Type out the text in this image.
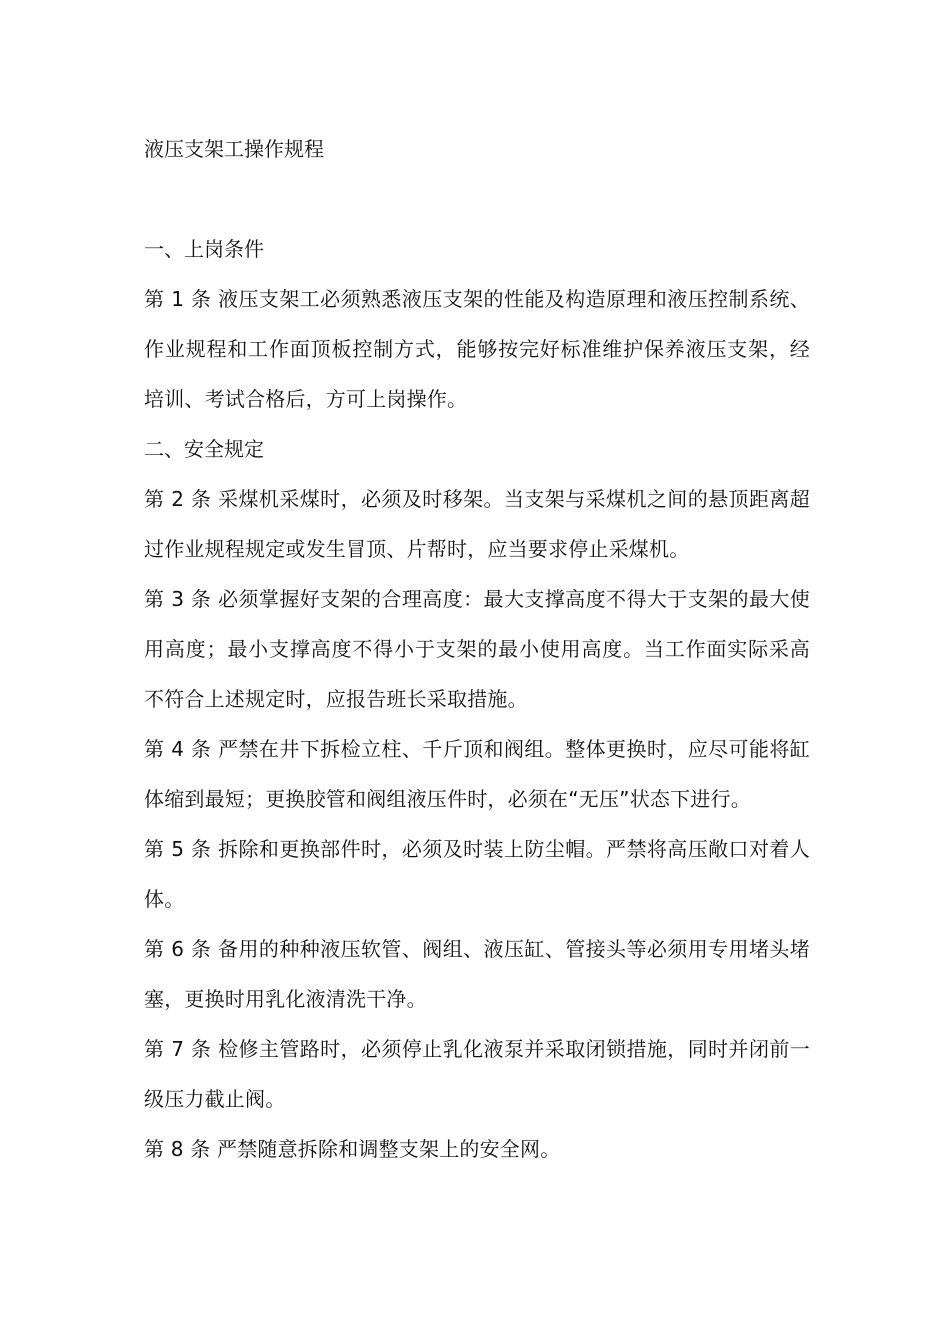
液压支架工操作规程

一、上岗条件

第 1 条 液压支架工必须熟悉液压支架的性能及构造原理和液压控制系统、作业规程和工作面顶板控制方式，能够按完好标准维护保养液压支架，经培训、考试合格后，方可上岗操作。

二、安全规定

第 2 条 采煤机采煤时，必须及时移架。当支架与采煤机之间的悬顶距离超过作业规程规定或发生冒顶、片帮时，应当要求停止采煤机。

第 3 条 必须掌握好支架的合理高度：最大支撑高度不得大于支架的最大使用高度；最小支撑高度不得小于支架的最小使用高度。当工作面实际采高不符合上述规定时，应报告班长采取措施。

第 4 条 严禁在井下拆检立柱、千斤顶和阀组。整体更换时，应尽可能将缸体缩到最短；更换胶管和阀组液压件时，必须在“无压”状态下进行。

第 5 条 拆除和更换部件时，必须及时装上防尘帽。严禁将高压敞口对着人体。

第 6 条 备用的种种液压软管、阀组、液压缸、管接头等必须用专用堵头堵塞，更换时用乳化液清洗干净。

第 7 条 检修主管路时，必须停止乳化液泵并采取闭锁措施，同时并闭前一级压力截止阀。

第 8 条 严禁随意拆除和调整支架上的安全网。
